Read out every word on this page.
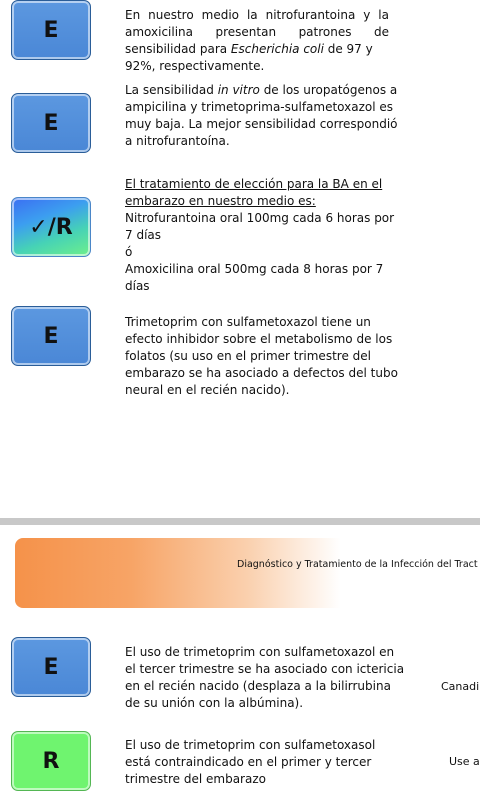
E
En nuestro medio la nitrofurantoina y la
amoxicilina presentan patrones de
sensibilidad para Escherichia coli de 97 y
92%, respectivamente.
E
La sensibilidad in vitro de los uropatógenos a
ampicilina y trimetoprima-sulfametoxazol es
muy baja. La mejor sensibilidad correspondió
a nitrofurantoína.
✓/R
El tratamiento de elección para la BA en el
embarazo en nuestro medio es:
Nitrofurantoina oral 100mg cada 6 horas por
7 días
ó
Amoxicilina oral 500mg cada 8 horas por 7
días
E
Trimetoprim con sulfametoxazol tiene un
efecto inhibidor sobre el metabolismo de los
folatos (su uso en el primer trimestre del
embarazo se ha asociado a defectos del tubo
neural en el recién nacido).
Diagnóstico y Tratamiento de la Infección del Tract
E
El uso de trimetoprim con sulfametoxazol en
el tercer trimestre se ha asociado con ictericia
en el recién nacido (desplaza a la bilirrubina
de su unión con la albúmina).
Canadi
R
El uso de trimetoprim con sulfametoxasol
está contraindicado en el primer y tercer
trimestre del embarazo
Use a
